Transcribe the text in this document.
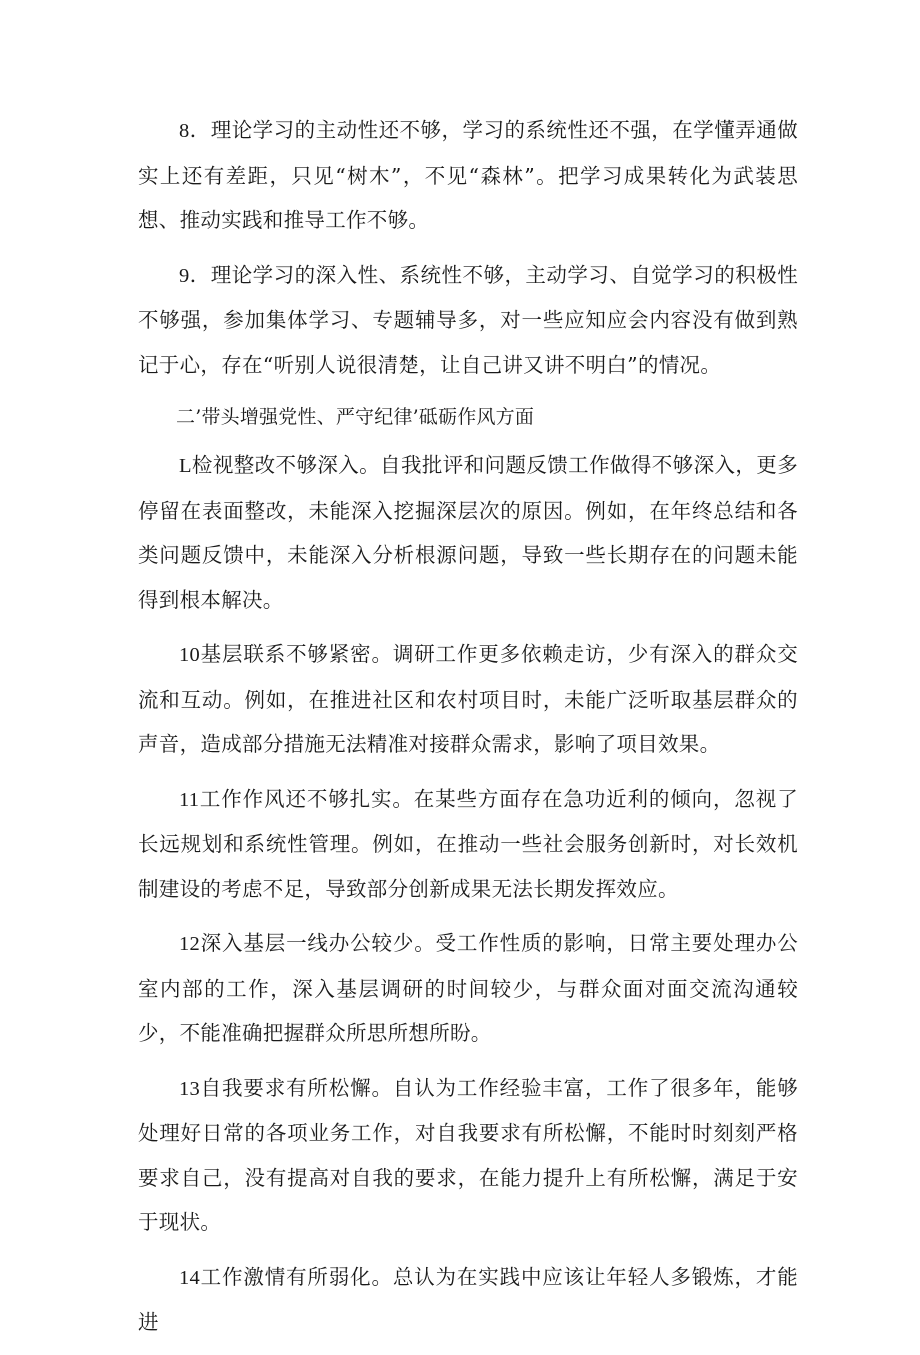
8．理论学习的主动性还不够，学习的系统性还不强，在学懂弄通做实上还有差距，只见“树木”，不见“森林”。把学习成果转化为武装思想、推动实践和推导工作不够。

9．理论学习的深入性、系统性不够，主动学习、自觉学习的积极性不够强，参加集体学习、专题辅导多，对一些应知应会内容没有做到熟记于心，存在“听别人说很清楚，让自己讲又讲不明白”的情况。

二’带头增强党性、严守纪律’砥砺作风方面

L检视整改不够深入。自我批评和问题反馈工作做得不够深入，更多停留在表面整改，未能深入挖掘深层次的原因。例如，在年终总结和各类问题反馈中，未能深入分析根源问题，导致一些长期存在的问题未能得到根本解决。

10基层联系不够紧密。调研工作更多依赖走访，少有深入的群众交流和互动。例如，在推进社区和农村项目时，未能广泛听取基层群众的声音，造成部分措施无法精准对接群众需求，影响了项目效果。

11工作作风还不够扎实。在某些方面存在急功近利的倾向，忽视了长远规划和系统性管理。例如，在推动一些社会服务创新时，对长效机制建设的考虑不足，导致部分创新成果无法长期发挥效应。

12深入基层一线办公较少。受工作性质的影响，日常主要处理办公室内部的工作，深入基层调研的时间较少，与群众面对面交流沟通较少，不能准确把握群众所思所想所盼。

13自我要求有所松懈。自认为工作经验丰富，工作了很多年，能够处理好日常的各项业务工作，对自我要求有所松懈，不能时时刻刻严格要求自己，没有提高对自我的要求，在能力提升上有所松懈，满足于安于现状。

14工作激情有所弱化。总认为在实践中应该让年轻人多锻炼，才能进
